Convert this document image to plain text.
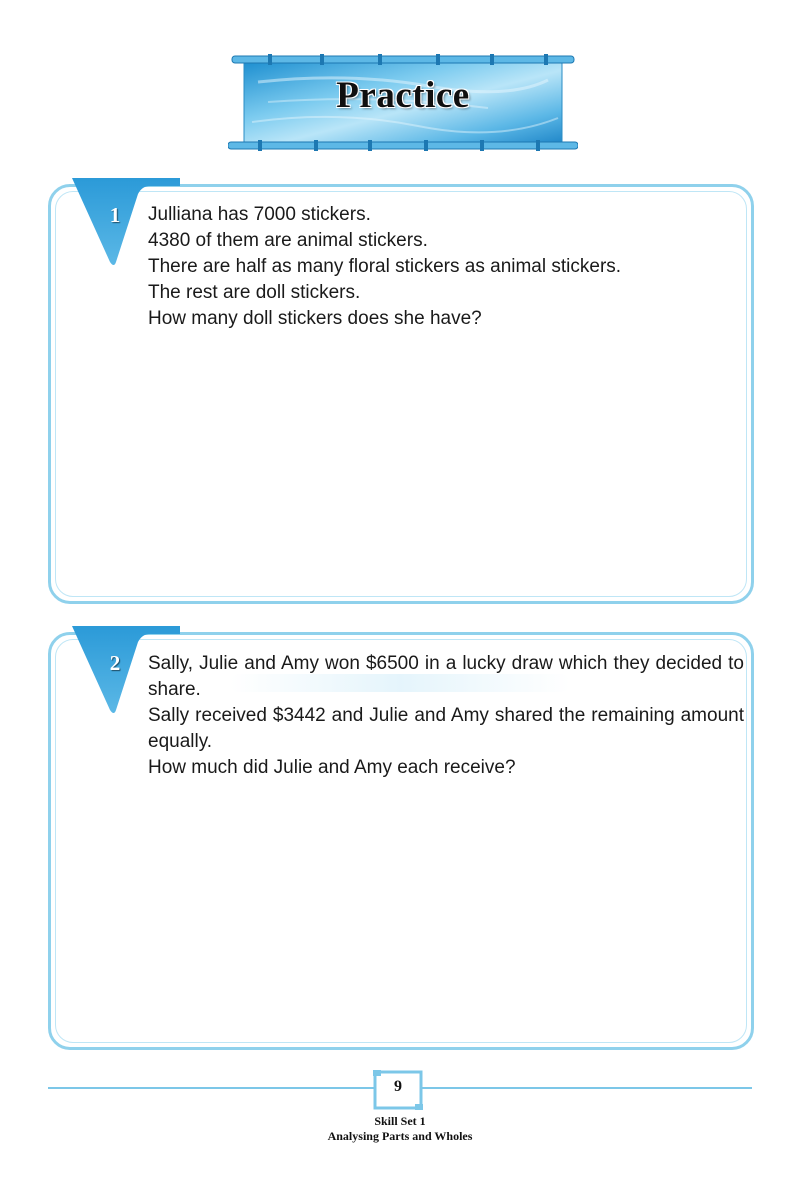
Practice
1 Julliana has 7000 stickers.

4380 of them are animal stickers.

There are half as many floral stickers as animal stickers.

The rest are doll stickers.

How many doll stickers does she have?

2 Sally, Julie and Amy won $6500 in a lucky draw which they decided to share.

Sally received $3442 and Julie and Amy shared the remaining amount equally.

How much did Julie and Amy each receive?

9
Skill Set 1
Analysing Parts and Wholes
